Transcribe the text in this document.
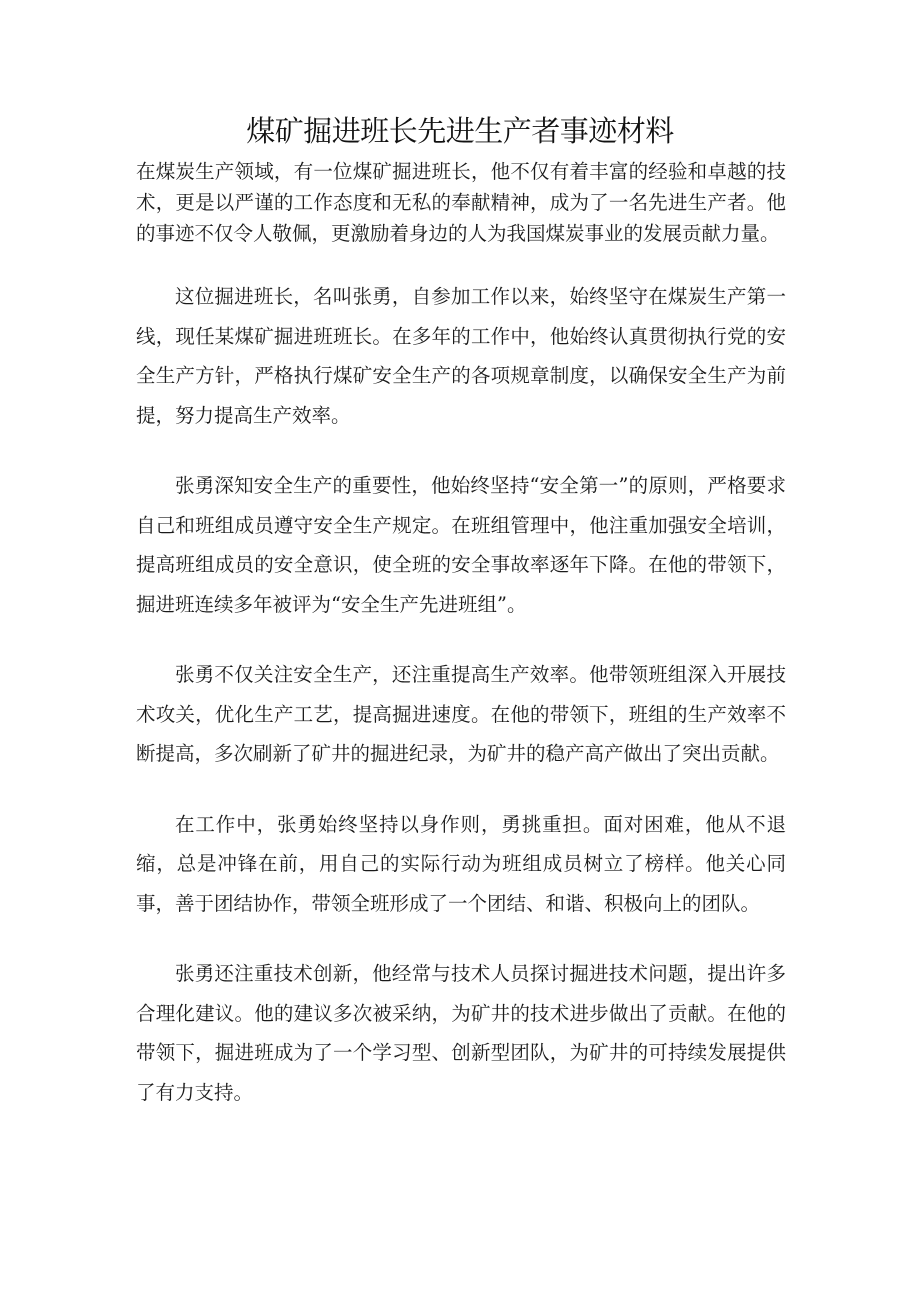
煤矿掘进班长先进生产者事迹材料

在煤炭生产领域，有一位煤矿掘进班长，他不仅有着丰富的经验和卓越的技术，更是以严谨的工作态度和无私的奉献精神，成为了一名先进生产者。他的事迹不仅令人敬佩，更激励着身边的人为我国煤炭事业的发展贡献力量。

这位掘进班长，名叫张勇，自参加工作以来，始终坚守在煤炭生产第一线，现任某煤矿掘进班班长。在多年的工作中，他始终认真贯彻执行党的安全生产方针，严格执行煤矿安全生产的各项规章制度，以确保安全生产为前提，努力提高生产效率。

张勇深知安全生产的重要性，他始终坚持“安全第一”的原则，严格要求自己和班组成员遵守安全生产规定。在班组管理中，他注重加强安全培训，提高班组成员的安全意识，使全班的安全事故率逐年下降。在他的带领下，掘进班连续多年被评为“安全生产先进班组”。

张勇不仅关注安全生产，还注重提高生产效率。他带领班组深入开展技术攻关，优化生产工艺，提高掘进速度。在他的带领下，班组的生产效率不断提高，多次刷新了矿井的掘进纪录，为矿井的稳产高产做出了突出贡献。

在工作中，张勇始终坚持以身作则，勇挑重担。面对困难，他从不退缩，总是冲锋在前，用自己的实际行动为班组成员树立了榜样。他关心同事，善于团结协作，带领全班形成了一个团结、和谐、积极向上的团队。

张勇还注重技术创新，他经常与技术人员探讨掘进技术问题，提出许多合理化建议。他的建议多次被采纳，为矿井的技术进步做出了贡献。在他的带领下，掘进班成为了一个学习型、创新型团队，为矿井的可持续发展提供了有力支持。
